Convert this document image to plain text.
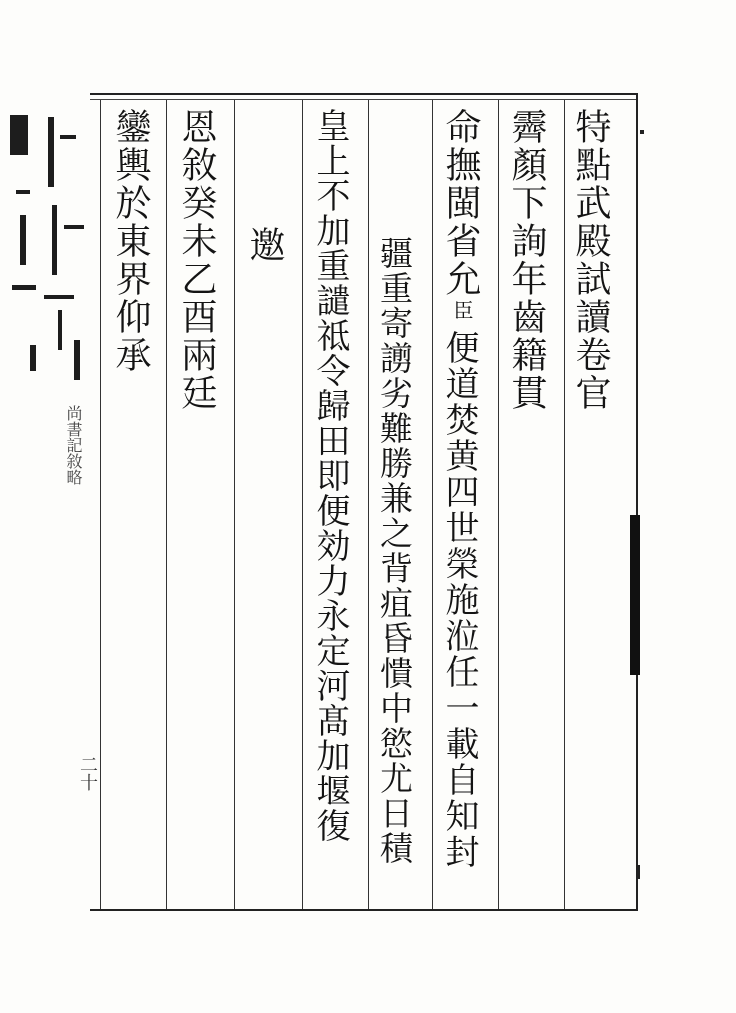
尚書記敘略
二十
特點武殿試讀卷官
霽顏下詢年齒籍貫
命撫閩省允
臣
便道焚黄四世榮施涖任一載自知封
疆重寄謭劣難勝兼之背疽昏憒中慾尤日積
皇上不加重譴祗令歸田即便効力永定河髙加堰復
邀
恩敘癸未乙酉兩廷
鑾輿於東界仰承
